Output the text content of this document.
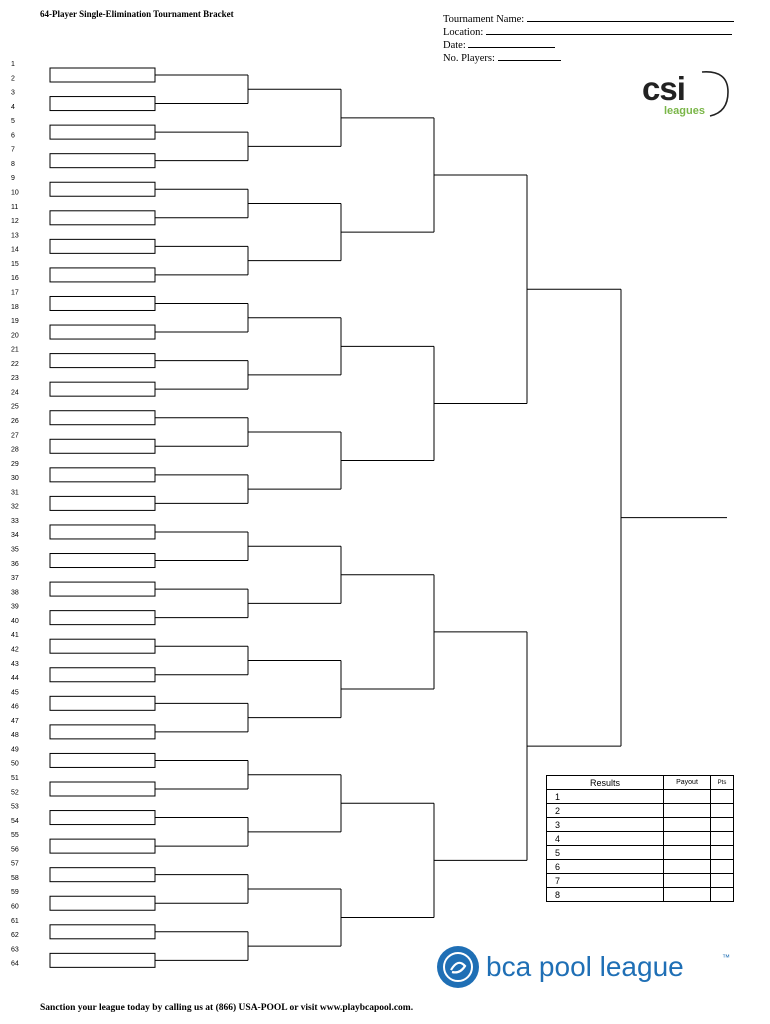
64-Player Single-Elimination Tournament Bracket	Tournament Name:
Location:
Date:
No. Players:
csi
leagues
1
2
3
4
5
6
7
8
9
10
11
12
13
14
15
16
17
18
19
20
21
22
23
24
25
26
27
28
29
30
31
32
33
34
35
36
37
38
39
40
41
42
43
44
45
46
47
48
49
50
51
52
53
54
55
56
57
58
59
60
61
62
63
64
Results	Payout	Pts
1		
2		
3		
4		
5		
6		
7		
8		
bca pool league	™
Sanction your league today by calling us at (866) USA-POOL or visit www.playbcapool.com.
